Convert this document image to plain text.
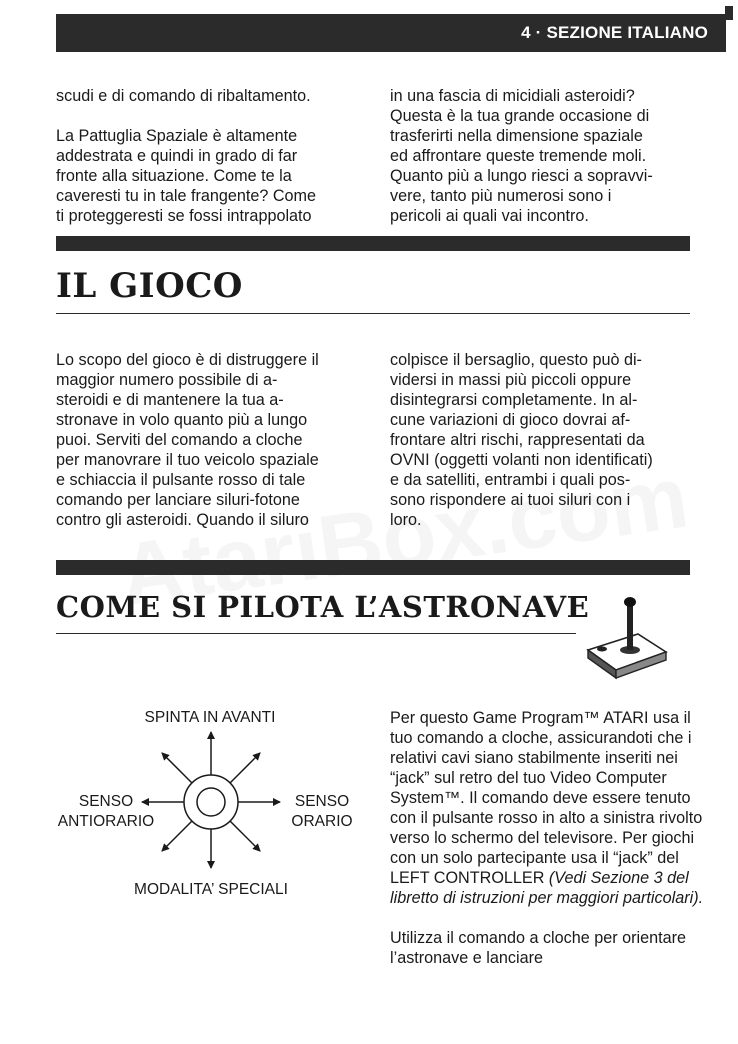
4 · SEZIONE ITALIANO
scudi e di comando di ribaltamento.

La Pattuglia Spaziale è altamente
addestrata e quindi in grado di far
fronte alla situazione. Come te la
caveresti tu in tale frangente? Come
ti proteggeresti se fossi intrappolato
in una fascia di micidiali asteroidi?
Questa è la tua grande occasione di
trasferirti nella dimensione spaziale
ed affrontare queste tremende moli.
Quanto più a lungo riesci a sopravvi-
vere, tanto più numerosi sono i
pericoli ai quali vai incontro.
IL GIOCO
Lo scopo del gioco è di distruggere il
maggior numero possibile di a-
steroidi e di mantenere la tua a-
stronave in volo quanto più a lungo
puoi. Serviti del comando a cloche
per manovrare il tuo veicolo spaziale
e schiaccia il pulsante rosso di tale
comando per lanciare siluri-fotone
contro gli asteroidi. Quando il siluro
colpisce il bersaglio, questo può di-
vidersi in massi più piccoli oppure
disintegrarsi completamente. In al-
cune variazioni di gioco dovrai af-
frontare altri rischi, rappresentati da
OVNI (oggetti volanti non identificati)
e da satelliti, entrambi i quali pos-
sono rispondere ai tuoi siluri con i
loro.
COME SI PILOTA L’ASTRONAVE
SPINTA IN AVANTI
SENSO
ANTIORARIO
SENSO
ORARIO
MODALITA’ SPECIALI
Per questo Game Program™ ATARI usa il tuo comando a cloche, assicurandoti che i relativi cavi siano stabilmente inseriti nei “jack” sul retro del tuo Video Computer System™. Il comando deve essere tenuto con il pulsante rosso in alto a sinistra rivolto verso lo schermo del televisore. Per giochi con un solo partecipante usa il “jack” del LEFT CONTROLLER (Vedi Sezione 3 del libretto di istruzioni per maggiori particolari).
Utilizza il comando a cloche per orientare l’astronave e lanciare
